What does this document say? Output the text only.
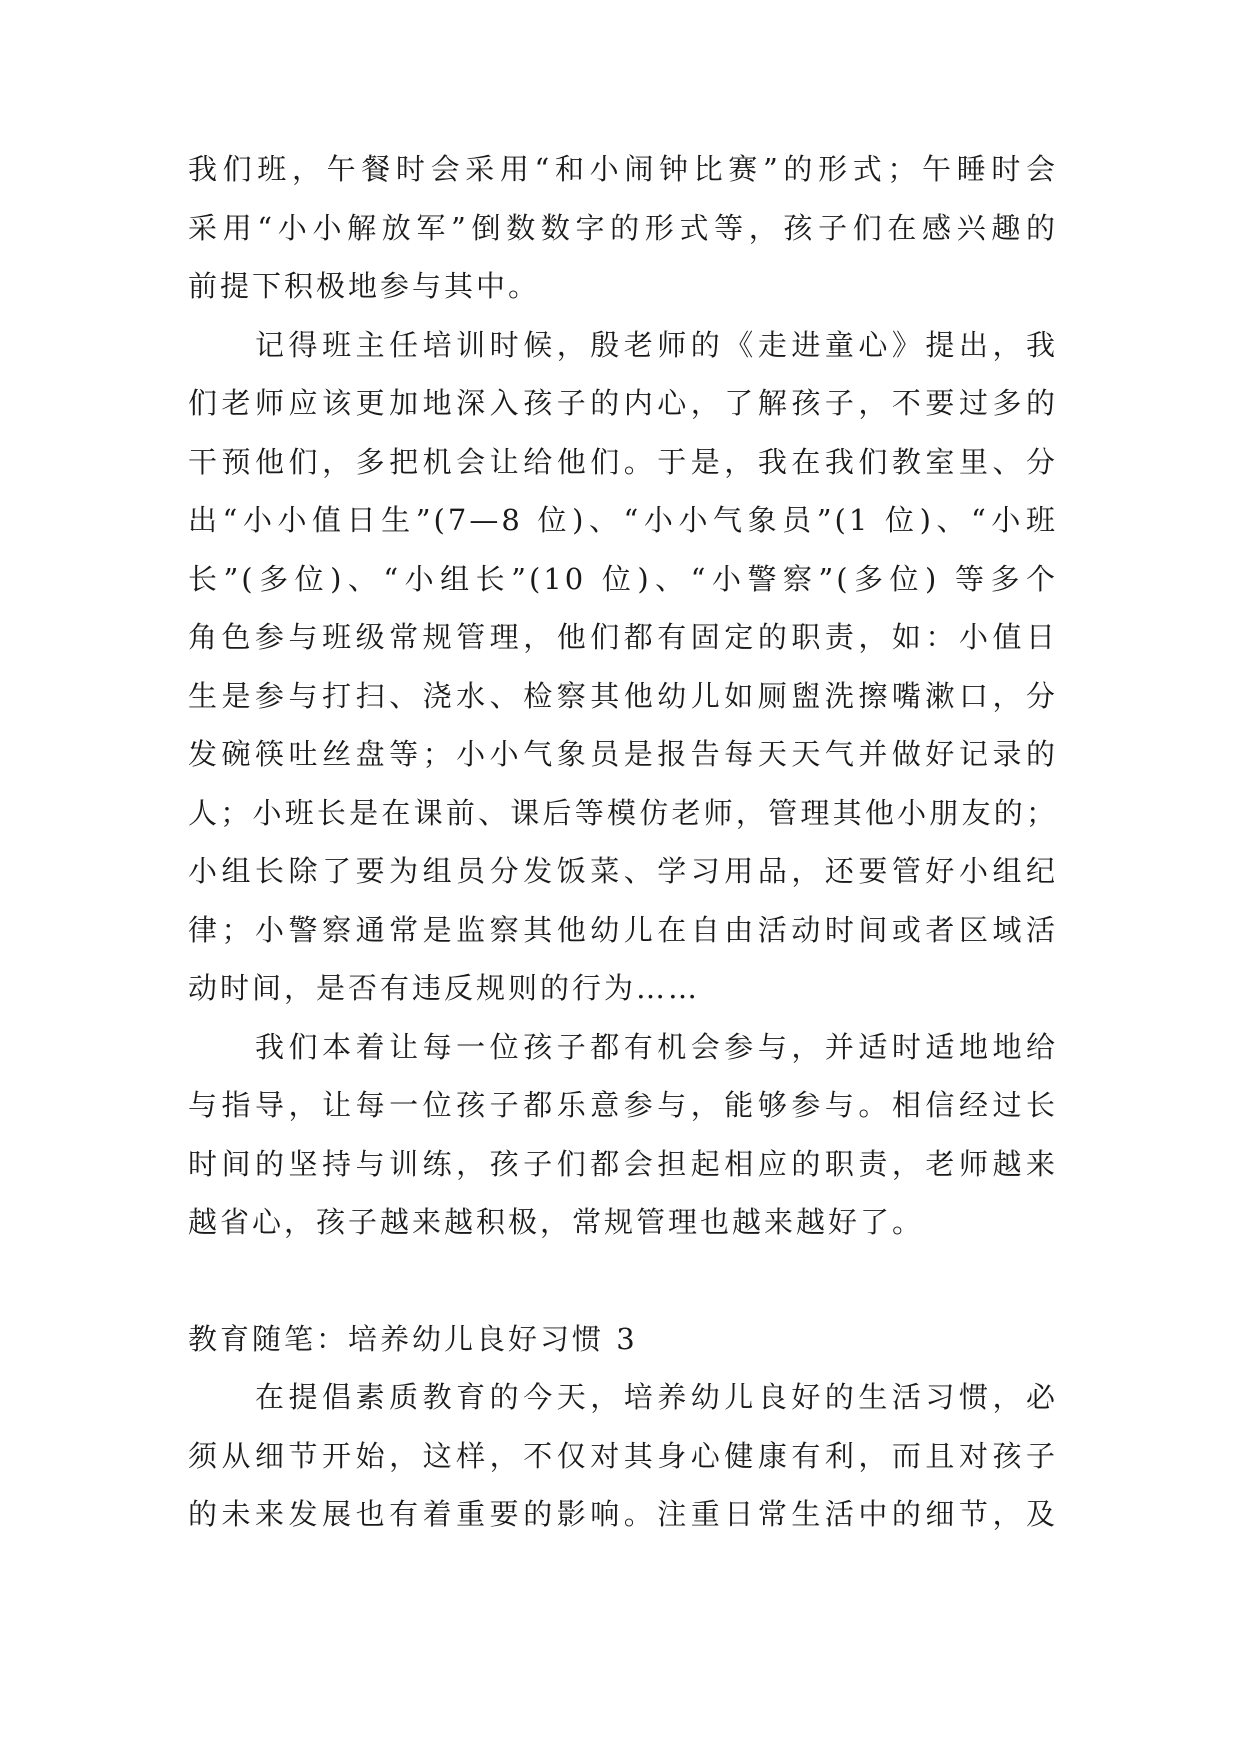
我们班，午餐时会采用“和小闹钟比赛”的形式；午睡时会
采用“小小解放军”倒数数字的形式等，孩子们在感兴趣的
前提下积极地参与其中。
　　记得班主任培训时候，殷老师的《走进童心》提出，我
们老师应该更加地深入孩子的内心，了解孩子，不要过多的
干预他们，多把机会让给他们。于是，我在我们教室里、分
出“小小值日生”(7—8 位)、“小小气象员”(1 位)、“小班
长”(多位)、“小组长”(10 位)、“小警察”(多位) 等多个
角色参与班级常规管理，他们都有固定的职责，如：小值日
生是参与打扫、浇水、检察其他幼儿如厕盥洗擦嘴漱口，分
发碗筷吐丝盘等；小小气象员是报告每天天气并做好记录的
人；小班长是在课前、课后等模仿老师，管理其他小朋友的；
小组长除了要为组员分发饭菜、学习用品，还要管好小组纪
律；小警察通常是监察其他幼儿在自由活动时间或者区域活
动时间，是否有违反规则的行为……
　　我们本着让每一位孩子都有机会参与，并适时适地地给
与指导，让每一位孩子都乐意参与，能够参与。相信经过长
时间的坚持与训练，孩子们都会担起相应的职责，老师越来
越省心，孩子越来越积极，常规管理也越来越好了。
教育随笔：培养幼儿良好习惯 3
　　在提倡素质教育的今天，培养幼儿良好的生活习惯，必
须从细节开始，这样，不仅对其身心健康有利，而且对孩子
的未来发展也有着重要的影响。注重日常生活中的细节，及
